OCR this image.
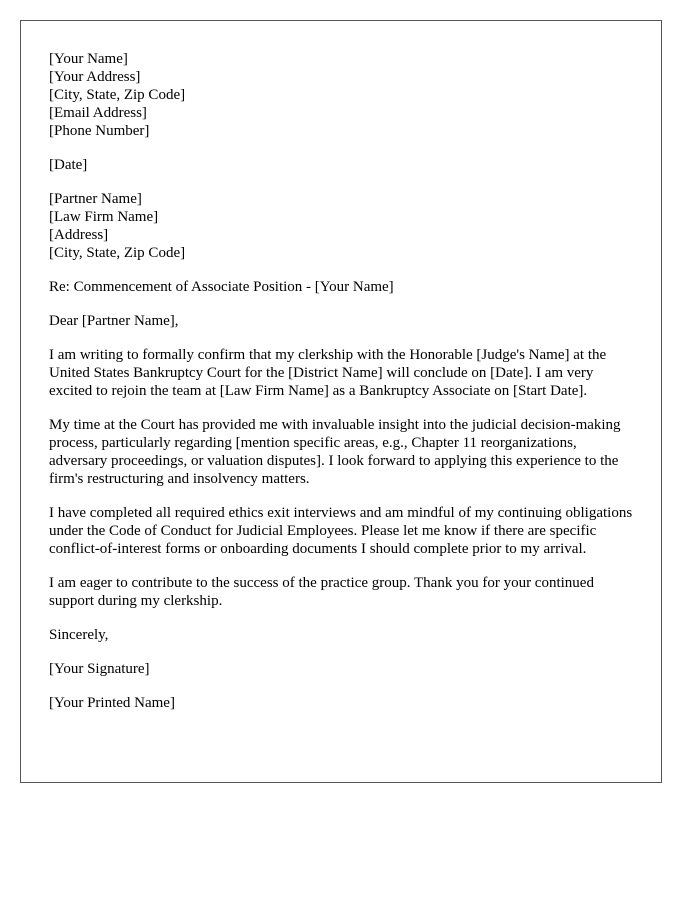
[Your Name]
[Your Address]
[City, State, Zip Code]
[Email Address]
[Phone Number]
[Date]
[Partner Name]
[Law Firm Name]
[Address]
[City, State, Zip Code]
Re: Commencement of Associate Position - [Your Name]
Dear [Partner Name],

I am writing to formally confirm that my clerkship with the Honorable [Judge's Name] at the United States Bankruptcy Court for the [District Name] will conclude on [Date]. I am very excited to rejoin the team at [Law Firm Name] as a Bankruptcy Associate on [Start Date].

My time at the Court has provided me with invaluable insight into the judicial decision-making process, particularly regarding [mention specific areas, e.g., Chapter 11 reorganizations, adversary proceedings, or valuation disputes]. I look forward to applying this experience to the firm's restructuring and insolvency matters.

I have completed all required ethics exit interviews and am mindful of my continuing obligations under the Code of Conduct for Judicial Employees. Please let me know if there are specific conflict-of-interest forms or onboarding documents I should complete prior to my arrival.

I am eager to contribute to the success of the practice group. Thank you for your continued support during my clerkship.

Sincerely,
[Your Signature]
[Your Printed Name]
